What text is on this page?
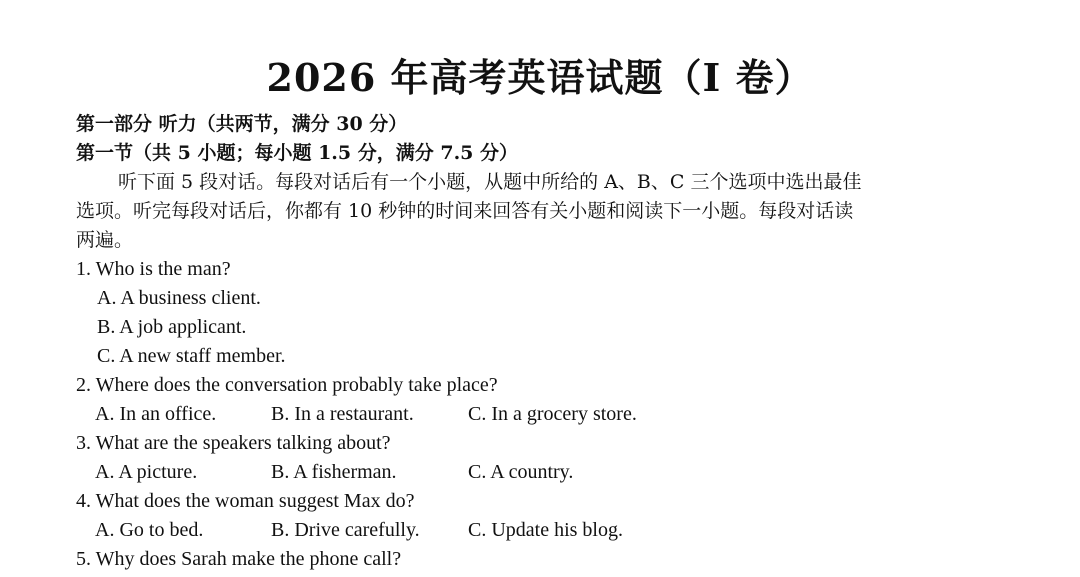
2026 年高考英语试题（I 卷）
第一部分 听力（共两节，满分 30 分）
第一节（共 5 小题；每小题 1.5 分，满分 7.5 分）
听下面 5 段对话。每段对话后有一个小题，从题中所给的 A、B、C 三个选项中选出最佳
选项。听完每段对话后，你都有 10 秒钟的时间来回答有关小题和阅读下一小题。每段对话读
两遍。
1. Who is the man?
A. A business client.
B. A job applicant.
C. A new staff member.
2. Where does the conversation probably take place?
A. In an office.	B. In a restaurant.	C. In a grocery store.
3. What are the speakers talking about?
A. A picture.	B. A fisherman.	C. A country.
4. What does the woman suggest Max do?
A. Go to bed.	B. Drive carefully. C. Update his blog.
5. Why does Sarah make the phone call?
